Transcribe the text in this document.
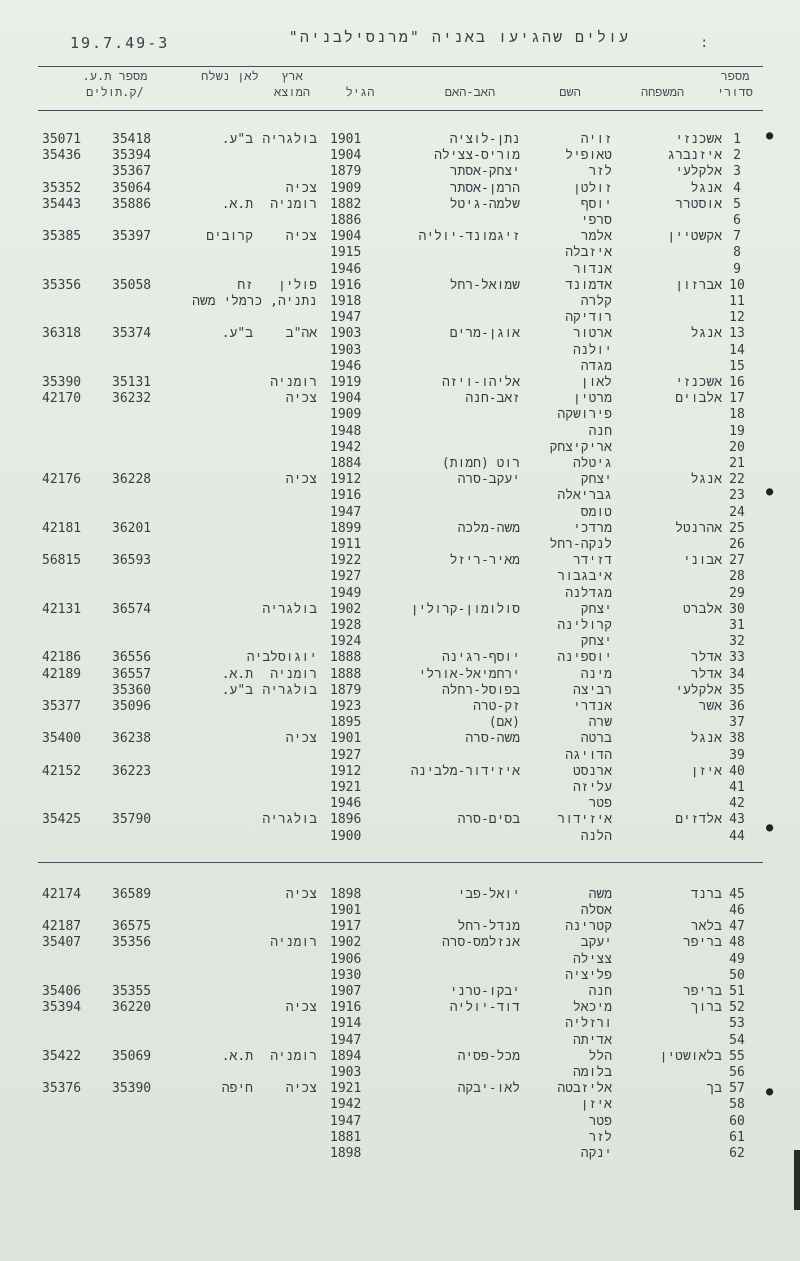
19.7.49-3	עולים שהגיעו באניה "מרנסילבניה"	:
מספר סדורי
המשפחה
השם
האב-האם
הגיל
ארץ המוצא
לאן נשלח
מספר ת.ע. /ק.תולים
1
אשכנזי
זויה
נתן-לוציה
1901
בולגריה
ב"ע.
35418
35071
2
איזנברג
טאופיל
מוריס-צצילה
1904
35394
35436
3
אלקלעי
לזר
יצחק-אסתר
1879
35367
4
אנגל
זולטן
הרמן-אסתר
1909
צכיה
35064
35352
5
אוסטרר
יוסף
שלמה-גיטל
1882
רומניה
ת.א.
35886
35443
6
סרפי
1886
7
אקשטיין
אלמר
זיגמונד-יוליה
1904
צכיה
קרובים
35397
35385
8
איזבלה
1915
9
אנדור
1946
10
אברזון
אדמונד
שמואל-רחל
1916
פולין
זח
35058
35356
11
קלרה
1918
נתניה, כרמלי משה
12
רודיקה
1947
13
אנגל
ארטור
אוגן-מרים
1903
אה"ב
ב"ע.
35374
36318
14
יולנה
1903
15
מגדה
1946
16
אשכנזי
לאון
אליהו-ויזה
1919
רומניה
35131
35390
17
אלבוים
מרטין
זאב-חנה
1904
צכיה
36232
42170
18
פירושקה
1909
19
חנה
1948
20
אריקיצחק
1942
21
גיטלה
רוט (חמות)
1884
22
אנגל
יצחק
יעקב-סרה
1912
צכיה
36228
42176
23
גבריאלה
1916
24
טומס
1947
25
אהרנטל
מרדכי
משה-מלכה
1899
36201
42181
26
לנקה-רחל
1911
27
אבוני
דזידר
מאיר-ריזל
1922
36593
56815
28
איבגבור
1927
29
מגדלנה
1949
30
אלברט
יצחק
סולומון-קרולין
1902
בולגריה
36574
42131
31
קרולינה
1928
32
יצחק
1924
33
אדלר
יוספינה
יוסף-רגינה
1888
יוגוסלביה
36556
42186
34
אדלר
מינה
ירחמיאל-אורלי
1888
רומניה
ת.א.
36557
42189
35
אלקלעי
רביצה
בפוסל-רחלה
1879
בולגריה
ב"ע.
35360
36
אשר
אנדרי
זק-טרה
1923
35096
35377
37
שרה
(אם)
1895
38
אנגל
ברטה
משה-סרה
1901
צכיה
36238
35400
39
הדויגה
1927
40
איזן
ארנסט
איזידור-מלבינה
1912
36223
42152
41
עליזה
1921
42
פטר
1946
43
אלדזים
איזידור
בסים-סרה
1896
בולגריה
35790
35425
44
הלנה
1900
45
ברנד
משה
יואל-פבי
1898
צכיה
36589
42174
46
אסלה
1901
47
בלאר
קטרינה
מנדל-רחל
1917
36575
42187
48
בריפר
יעקב
אנזלמס-סרה
1902
רומניה
35356
35407
49
צצילה
1906
50
פליציה
1930
51
בריפר
חנה
יבקו-טרני
1907
35355
35406
52
ברוך
מיכאל
דוד-יוליה
1916
צכיה
36220
35394
53
ורזליה
1914
54
אדיתה
1947
55
בלאושטין
הלל
מכל-פסיה
1894
רומניה
ת.א.
35069
35422
56
בלומה
1903
57
בך
אליזבטה
לאו-יבקה
1921
צכיה
חיפה
35390
35376
58
איזן
1942
60
פטר
1947
61
לזר
1881
62
ינקה
1898
●
●
●
●
